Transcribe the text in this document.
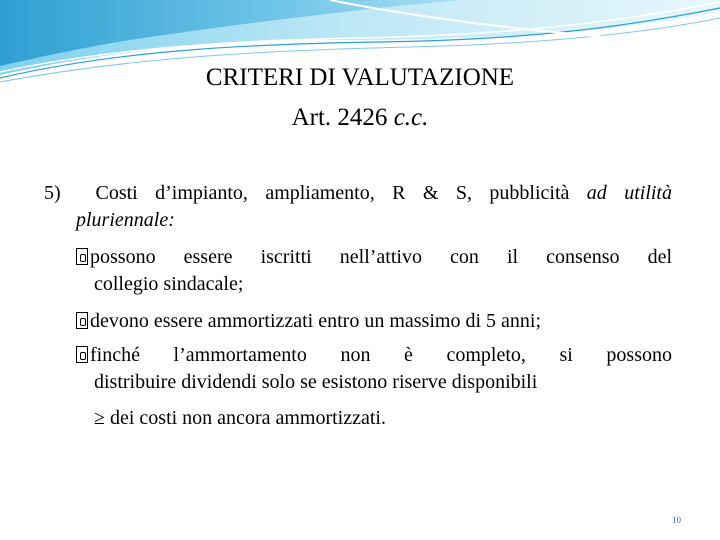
CRITERI DI VALUTAZIONE
Art. 2426 c.c.
5) Costi d’impianto, ampliamento, R & S, pubblicità ad utilità
pluriennale:
possono essere iscritti nell’attivo con il consenso del
collegio sindacale;
devono essere ammortizzati entro un massimo di 5 anni;
finché l’ammortamento non è completo, si possono
distribuire dividendi solo se esistono riserve disponibili
≥ dei costi non ancora ammortizzati.
10
